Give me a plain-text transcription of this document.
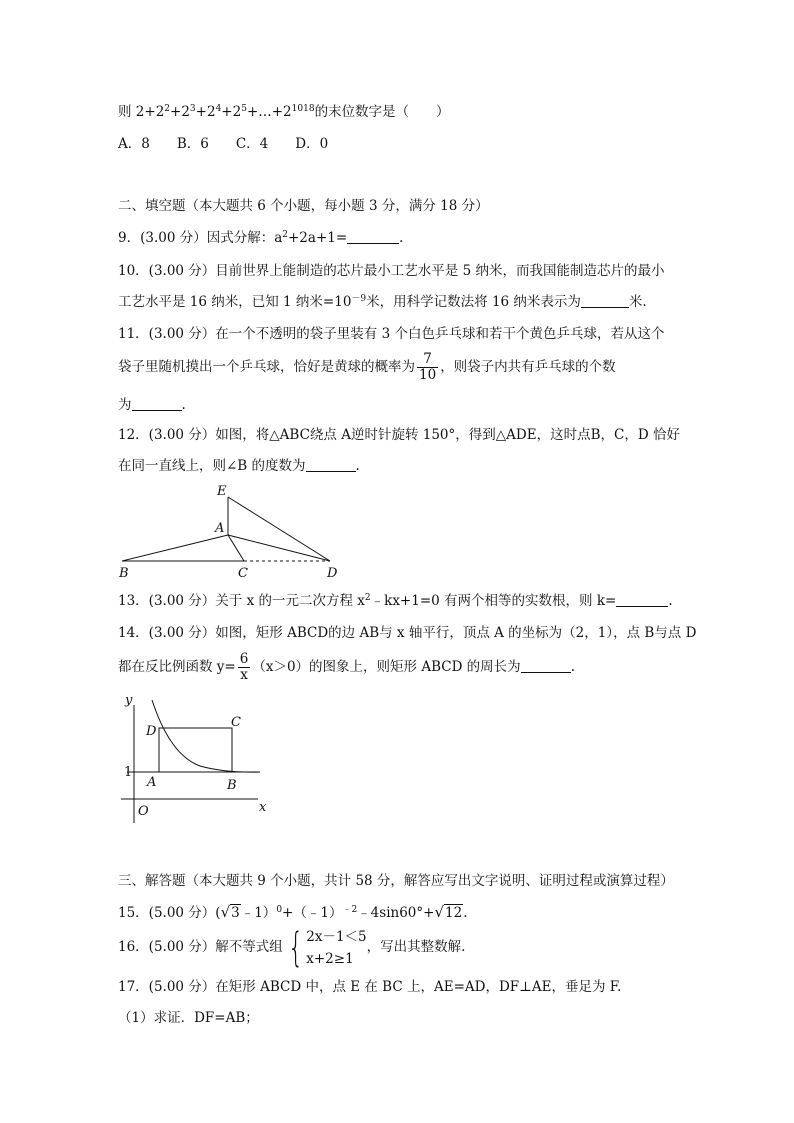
则 $2+2^2+2^3+2^4+2^5+\dots+2^{1018}$的末位数字是（　　）
A．8　　B．6　　C．4　　D．0
二、填空题（本大题共 6 个小题，每小题 3 分，满分 18 分）
9．(3.00 分）因式分解：$a^2+2a+1=$	.
10．(3.00 分）目前世界上能制造的芯片最小工艺水平是 5 纳米，而我国能制造芯片的最小
工艺水平是 16 纳米，已知 1 纳米$=10^{-9}$米，用科学记数法将 16 纳米表示为	米.
11．(3.00 分）在一个不透明的袋子里装有 3 个白色乒乓球和若干个黄色乒乓球，若从这个
袋子里随机摸出一个乒乓球，恰好是黄球的概率为 $\frac{7}{10}$ ，则袋子内共有乒乓球的个数
为	.
12．(3.00 分）如图，将△ABC绕点 A逆时针旋转 150°，得到△ADE，这时点B，C，D 恰好
在同一直线上，则∠B 的度数为	.
E
A
B	C	D
13．(3.00 分）关于 x 的一元二次方程 $x^2﹣kx+1=0$ 有两个相等的实数根，则 k=	.
14．(3.00 分）如图，矩形 ABCD的边 AB与 x 轴平行，顶点 A 的坐标为（2，1），点 B与点 D
都在反比例函数 $y= \frac{6}{x} (x>0)$的图象上，则矩形 ABCD 的周长为	.
y
x
O
1
A	B
C
D
三、解答题（本大题共 9 个小题，共计 58 分，解答应写出文字说明、证明过程或演算过程）
15．(5.00 分）(√3﹣1）$^0$+（﹣1）$^{﹣2}$﹣4sin60°+√12.
16．(5.00 分）解不等式组 { 2x－1＜5
x+2≥1
，写出其整数解.
17．(5.00 分）在矩形 ABCD 中，点 E 在 BC 上，AE=AD，DF⊥AE，垂足为 F.
（1）求证．DF=AB；
